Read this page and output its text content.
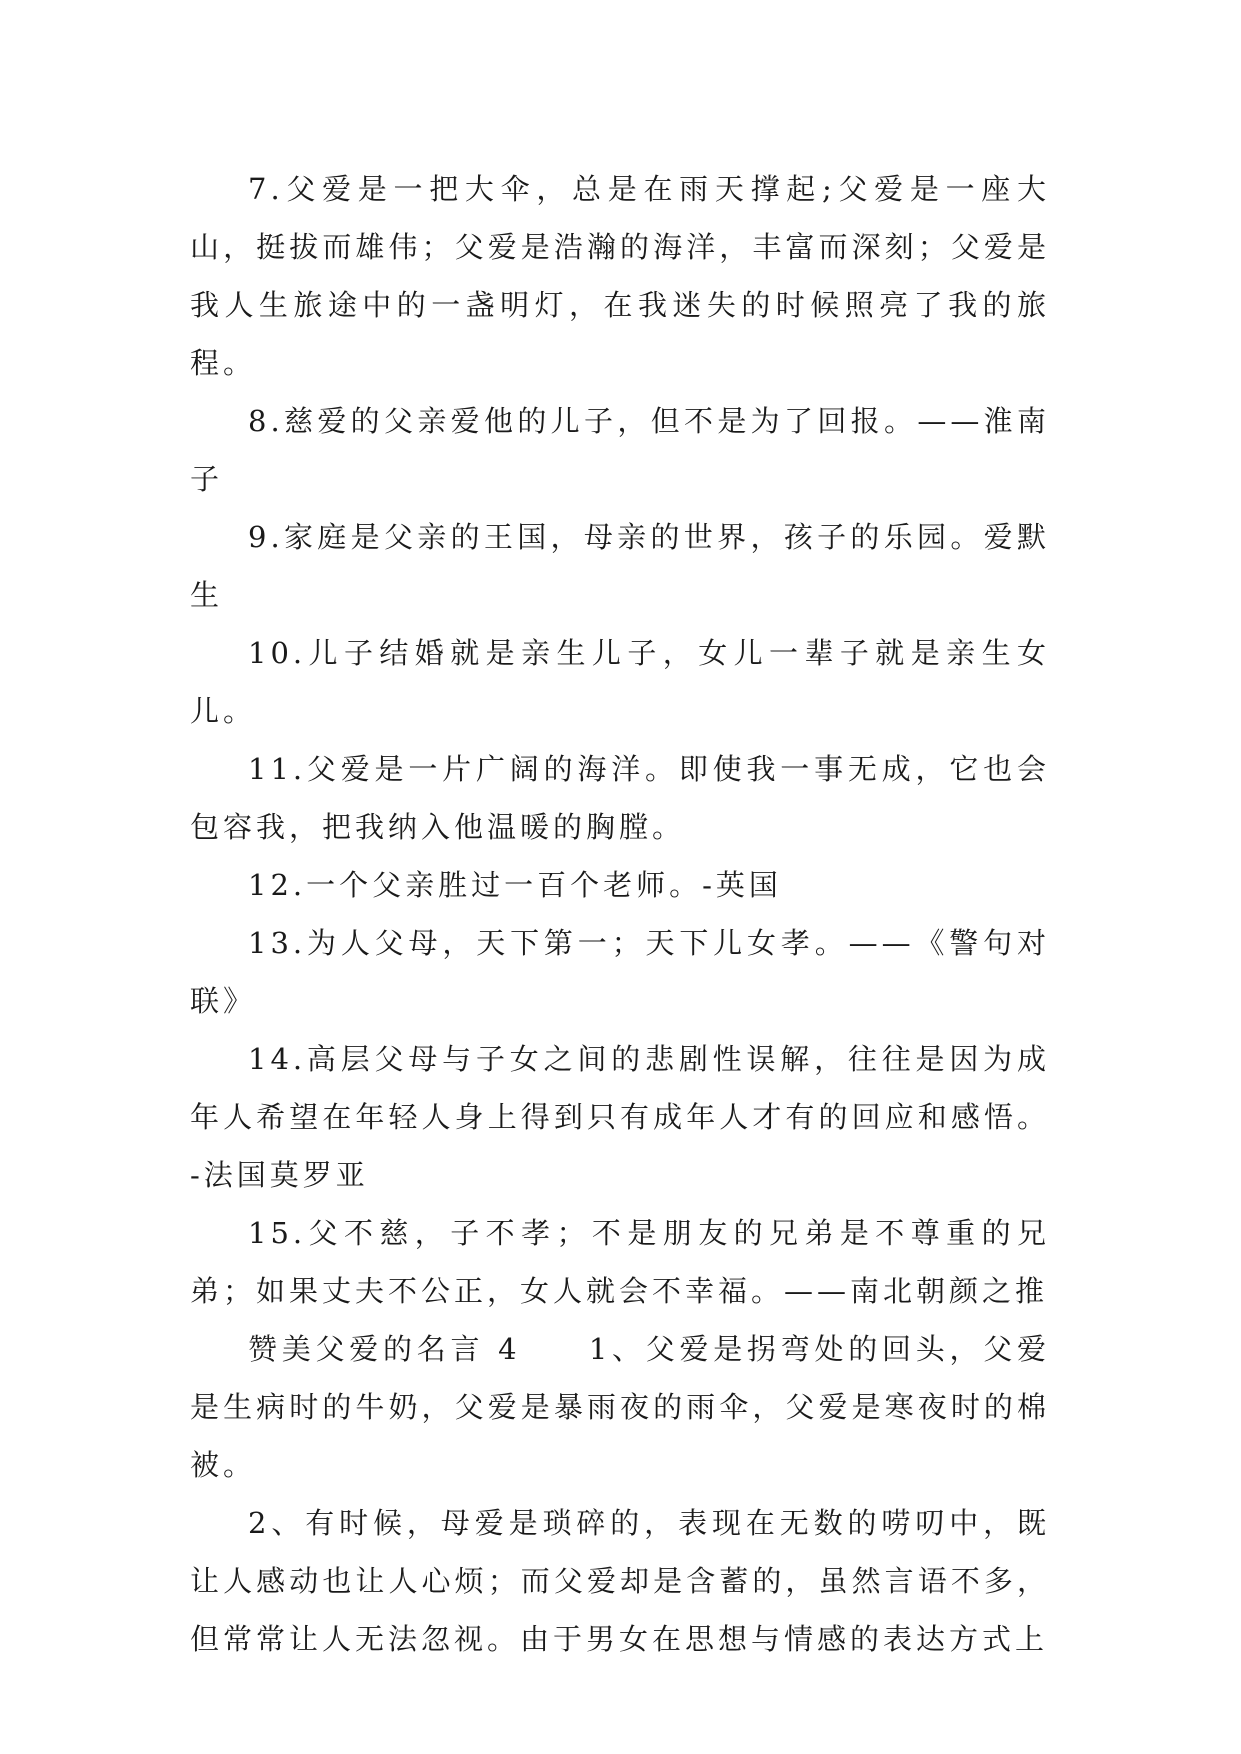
7.父爱是一把大伞，总是在雨天撑起;父爱是一座大山，挺拔而雄伟；父爱是浩瀚的海洋，丰富而深刻；父爱是我人生旅途中的一盏明灯，在我迷失的时候照亮了我的旅程。

8.慈爱的父亲爱他的儿子，但不是为了回报。——淮南子

9.家庭是父亲的王国，母亲的世界，孩子的乐园。爱默生

10.儿子结婚就是亲生儿子，女儿一辈子就是亲生女儿。

11.父爱是一片广阔的海洋。即使我一事无成，它也会包容我，把我纳入他温暖的胸膛。

12.一个父亲胜过一百个老师。-英国

13.为人父母，天下第一；天下儿女孝。——《警句对联》

14.高层父母与子女之间的悲剧性误解，往往是因为成年人希望在年轻人身上得到只有成年人才有的回应和感悟。-法国莫罗亚

15.父不慈，子不孝；不是朋友的兄弟是不尊重的兄弟；如果丈夫不公正，女人就会不幸福。——南北朝颜之推

赞美父爱的名言 4　　1、父爱是拐弯处的回头，父爱是生病时的牛奶，父爱是暴雨夜的雨伞，父爱是寒夜时的棉被。

2、有时候，母爱是琐碎的，表现在无数的唠叨中，既让人感动也让人心烦；而父爱却是含蓄的，虽然言语不多，但常常让人无法忽视。由于男女在思想与情感的表达方式上
